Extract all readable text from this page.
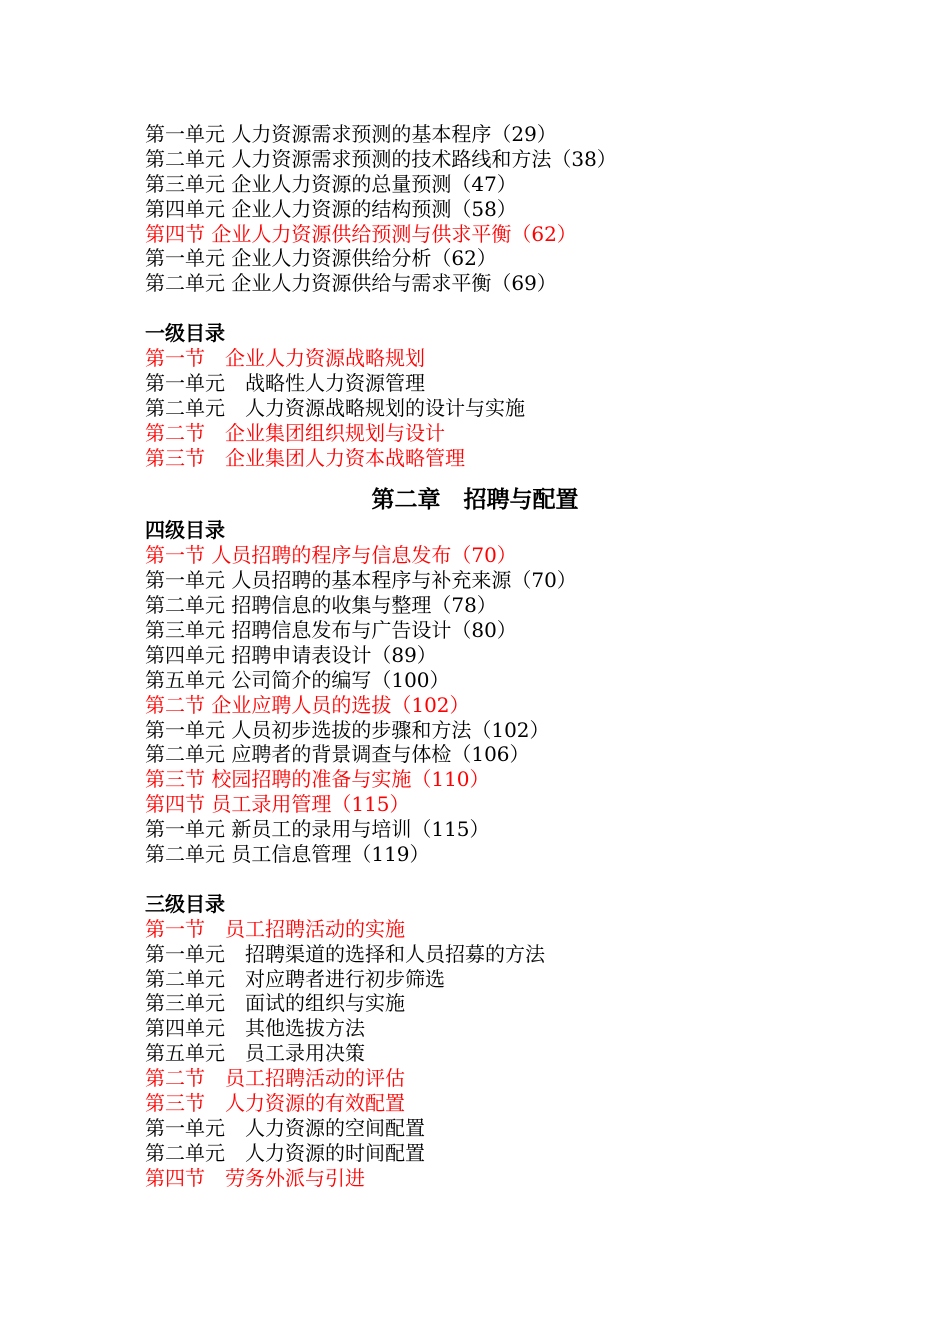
第一单元 人力资源需求预测的基本程序（29）
第二单元 人力资源需求预测的技术路线和方法（38）
第三单元 企业人力资源的总量预测（47）
第四单元 企业人力资源的结构预测（58）
第四节 企业人力资源供给预测与供求平衡（62）
第一单元 企业人力资源供给分析（62）
第二单元 企业人力资源供给与需求平衡（69）
一级目录
第一节　企业人力资源战略规划
第一单元　战略性人力资源管理
第二单元　人力资源战略规划的设计与实施
第二节　企业集团组织规划与设计
第三节　企业集团人力资本战略管理
第二章　招聘与配置
四级目录
第一节 人员招聘的程序与信息发布（70）
第一单元 人员招聘的基本程序与补充来源（70）
第二单元 招聘信息的收集与整理（78）
第三单元 招聘信息发布与广告设计（80）
第四单元 招聘申请表设计（89）
第五单元 公司简介的编写（100）
第二节 企业应聘人员的选拔（102）
第一单元 人员初步选拔的步骤和方法（102）
第二单元 应聘者的背景调查与体检（106）
第三节 校园招聘的准备与实施（110）
第四节 员工录用管理（115）
第一单元 新员工的录用与培训（115）
第二单元 员工信息管理（119）
三级目录
第一节　员工招聘活动的实施
第一单元　招聘渠道的选择和人员招募的方法
第二单元　对应聘者进行初步筛选
第三单元　面试的组织与实施
第四单元　其他选拔方法
第五单元　员工录用决策
第二节　员工招聘活动的评估
第三节　人力资源的有效配置
第一单元　人力资源的空间配置
第二单元　人力资源的时间配置
第四节　劳务外派与引进
